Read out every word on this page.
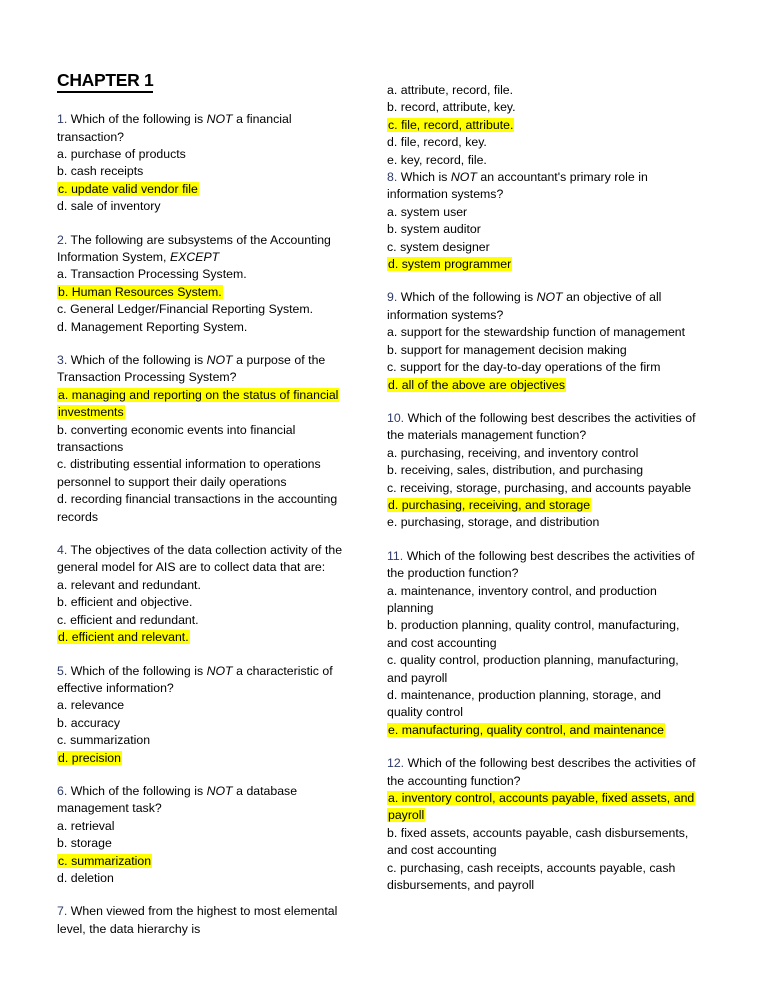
CHAPTER 1

1. Which of the following is NOT a financial transaction?

a. purchase of products

b. cash receipts

c. update valid vendor file

d. sale of inventory

2. The following are subsystems of the Accounting Information System, EXCEPT

a. Transaction Processing System.

b. Human Resources System.

c. General Ledger/Financial Reporting System.

d. Management Reporting System.

3. Which of the following is NOT a purpose of the Transaction Processing System?

a. managing and reporting on the status of financial investments

b. converting economic events into financial transactions

c. distributing essential information to operations personnel to support their daily operations

d. recording financial transactions in the accounting records

4. The objectives of the data collection activity of the general model for AIS are to collect data that are:

a. relevant and redundant.

b. efficient and objective.

c. efficient and redundant.

d. efficient and relevant.

5. Which of the following is NOT a characteristic of effective information?

a. relevance

b. accuracy

c. summarization

d. precision

6. Which of the following is NOT a database management task?

a. retrieval

b. storage

c. summarization

d. deletion

7. When viewed from the highest to most elemental level, the data hierarchy is

a. attribute, record, file.

b. record, attribute, key.

c. file, record, attribute.

d. file, record, key.

e. key, record, file.

8. Which is NOT an accountant's primary role in information systems?

a. system user

b. system auditor

c. system designer

d. system programmer

9. Which of the following is NOT an objective of all information systems?

a. support for the stewardship function of management

b. support for management decision making

c. support for the day-to-day operations of the firm

d. all of the above are objectives

10. Which of the following best describes the activities of the materials management function?

a. purchasing, receiving, and inventory control

b. receiving, sales, distribution, and purchasing

c. receiving, storage, purchasing, and accounts payable

d. purchasing, receiving, and storage

e. purchasing, storage, and distribution

11. Which of the following best describes the activities of the production function?

a. maintenance, inventory control, and production planning

b. production planning, quality control, manufacturing, and cost accounting

c. quality control, production planning, manufacturing, and payroll

d. maintenance, production planning, storage, and quality control

e. manufacturing, quality control, and maintenance

12. Which of the following best describes the activities of the accounting function?

a. inventory control, accounts payable, fixed assets, and payroll

b. fixed assets, accounts payable, cash disbursements, and cost accounting

c. purchasing, cash receipts, accounts payable, cash disbursements, and payroll
